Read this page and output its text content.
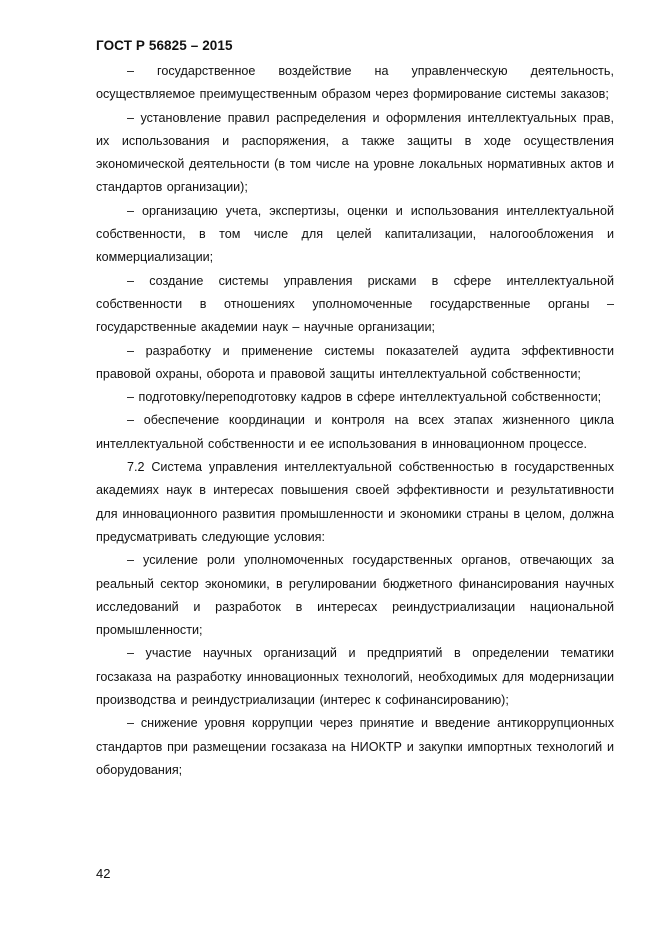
ГОСТ Р 56825 – 2015

– государственное воздействие на управленческую деятельность, осуществляемое преимущественным образом через формирование системы заказов;

– установление правил распределения и оформления интеллектуальных прав, их использования и распоряжения, а также защиты в ходе осуществления экономической деятельности (в том числе на уровне локальных нормативных актов и стандартов организации);

– организацию учета, экспертизы, оценки и использования интеллектуальной собственности, в том числе для целей капитализации, налогообложения и коммерциализации;

– создание системы управления рисками в сфере интеллектуальной собственности в отношениях уполномоченные государственные органы – государственные академии наук – научные организации;

– разработку и применение системы показателей аудита эффективности правовой охраны, оборота и правовой защиты интеллектуальной собственности;

– подготовку/переподготовку кадров в сфере интеллектуальной собственности;

– обеспечение координации и контроля на всех этапах жизненного цикла интеллектуальной собственности и ее использования в инновационном процессе.

7.2 Система управления интеллектуальной собственностью в государственных академиях наук в интересах повышения своей эффективности и результативности для инновационного развития промышленности и экономики страны в целом, должна предусматривать следующие условия:

– усиление роли уполномоченных государственных органов, отвечающих за реальный сектор экономики, в регулировании бюджетного финансирования научных исследований и разработок в интересах реиндустриализации национальной промышленности;

– участие научных организаций и предприятий в определении тематики госзаказа на разработку инновационных технологий, необходимых для модернизации производства и реиндустриализации (интерес к софинансированию);

– снижение уровня коррупции через принятие и введение антикоррупционных стандартов при размещении госзаказа на НИОКТР и закупки импортных технологий и оборудования;

42
